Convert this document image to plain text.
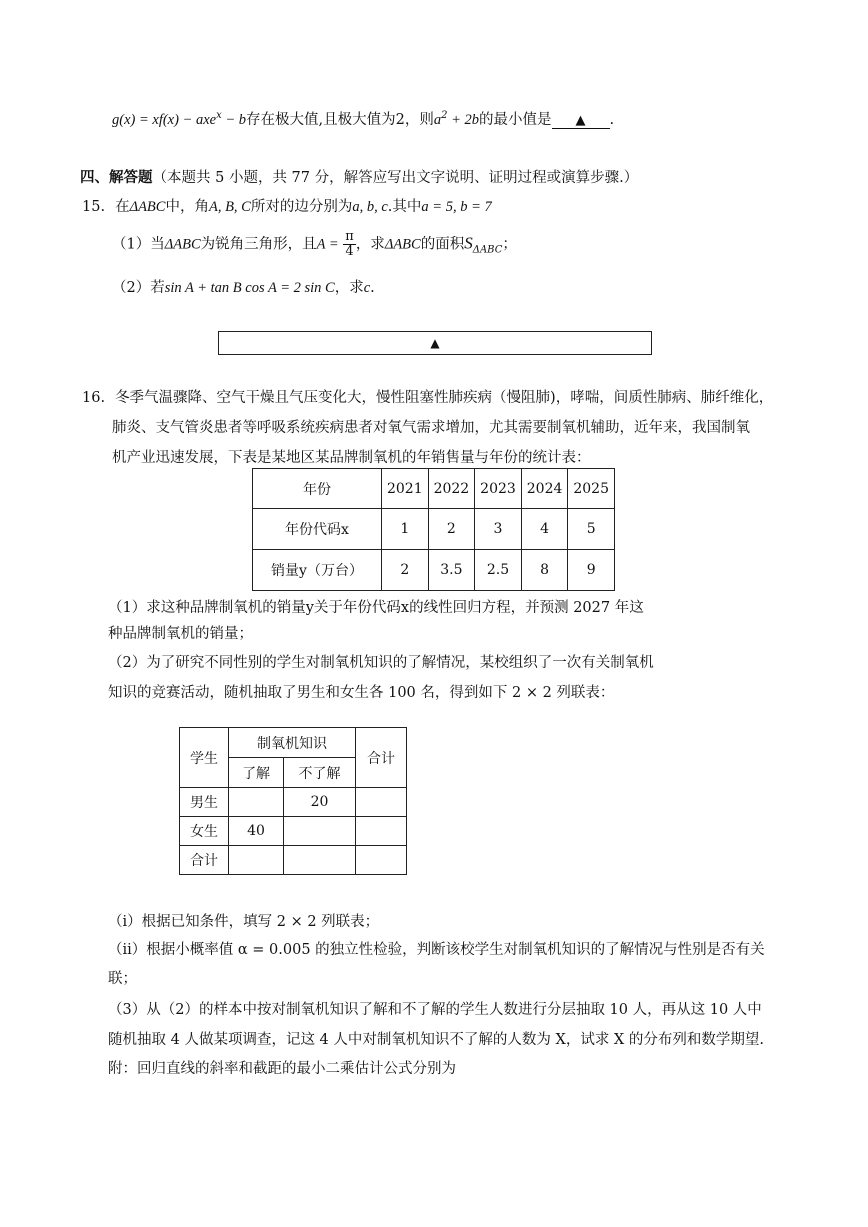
g(x) = xf(x) − axe$^x$ − b存在极大值,且极大值为2，则$a^2 + 2b$的最小值是 ▲ .
四、解答题（本题共 5 小题，共 77 分，解答应写出文字说明、证明过程或演算步骤.）
15. 在ΔABC中，角A, B, C所对的边分别为a, b, c.其中a = 5, b = 7
（1）当ΔABC为锐角三角形，且$A = \frac{\pi}{4}$ ，求ΔABC的面积$S_{\Delta ABC}$；
（2）若sin A + tan B cos A = 2 sin C，求c.
▲
16. 冬季气温骤降、空气干燥且气压变化大，慢性阻塞性肺疾病（慢阻肺)，哮喘，间质性肺病、肺纤维化，
肺炎、支气管炎患者等呼吸系统疾病患者对氧气需求增加，尤其需要制氧机辅助，近年来，我国制氧
机产业迅速发展，下表是某地区某品牌制氧机的年销售量与年份的统计表：
年份	2021	2022	2023	2024	2025
年份代码x	1	2	3	4	5
销量y（万台）	2	3.5	2.5	8	9
（1）求这种品牌制氧机的销量y关于年份代码x的线性回归方程，并预测 2027 年这
种品牌制氧机的销量；
（2）为了研究不同性别的学生对制氧机知识的了解情况，某校组织了一次有关制氧机
知识的竞赛活动，随机抽取了男生和女生各 100 名，得到如下 2 × 2 列联表：
学生	制氧机知识		合计
	了解	不了解	
男生		20	
女生	40		
合计			
（ⅰ）根据已知条件，填写 2 × 2 列联表；
（ⅱ）根据小概率值 α = 0.005 的独立性检验，判断该校学生对制氧机知识的了解情况与性别是否有关
联；
（3）从（2）的样本中按对制氧机知识了解和不了解的学生人数进行分层抽取 10 人，再从这 10 人中
随机抽取 4 人做某项调查，记这 4 人中对制氧机知识不了解的人数为 X，试求 X 的分布列和数学期望.
附：回归直线的斜率和截距的最小二乘估计公式分别为
